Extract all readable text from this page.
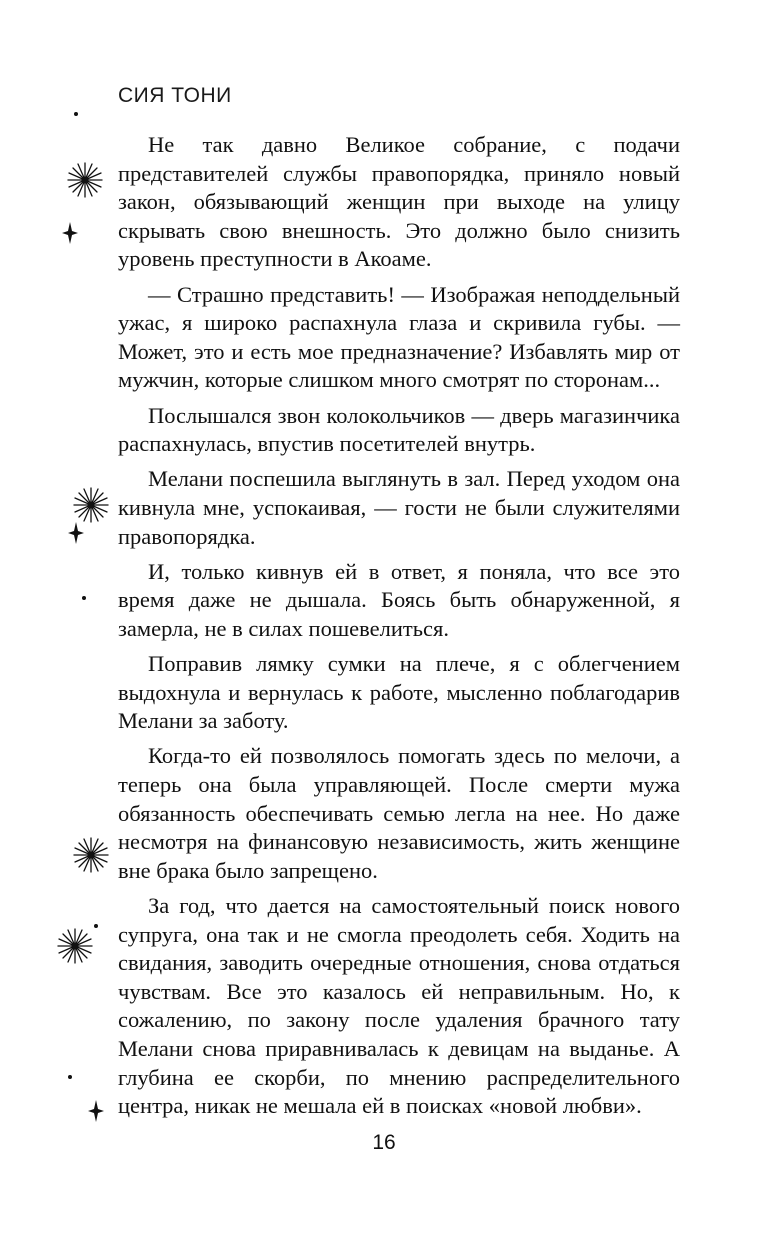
СИЯ ТОНИ

Не так давно Великое собрание, с подачи представителей службы правопорядка, приняло новый закон, обязывающий женщин при выходе на улицу скрывать свою внешность. Это должно было снизить уровень преступности в Акоаме.

— Страшно представить! — Изображая неподдельный ужас, я широко распахнула глаза и скривила губы. — Может, это и есть мое предназначение? Избавлять мир от мужчин, которые слишком много смотрят по сторонам...

Послышался звон колокольчиков — дверь магазинчика распахнулась, впустив посетителей внутрь.

Мелани поспешила выглянуть в зал. Перед уходом она кивнула мне, успокаивая, — гости не были служителями правопорядка.

И, только кивнув ей в ответ, я поняла, что все это время даже не дышала. Боясь быть обнаруженной, я замерла, не в силах пошевелиться.

Поправив лямку сумки на плече, я с облегчением выдохнула и вернулась к работе, мысленно поблагодарив Мелани за заботу.

Когда-то ей позволялось помогать здесь по мелочи, а теперь она была управляющей. После смерти мужа обязанность обеспечивать семью легла на нее. Но даже несмотря на финансовую независимость, жить женщине вне брака было запрещено.

За год, что дается на самостоятельный поиск нового супруга, она так и не смогла преодолеть себя. Ходить на свидания, заводить очередные отношения, снова отдаться чувствам. Все это казалось ей неправильным. Но, к сожалению, по закону после удаления брачного тату Мелани снова приравнивалась к девицам на выданье. А глубина ее скорби, по мнению распределительного центра, никак не мешала ей в поисках «новой любви».

16
